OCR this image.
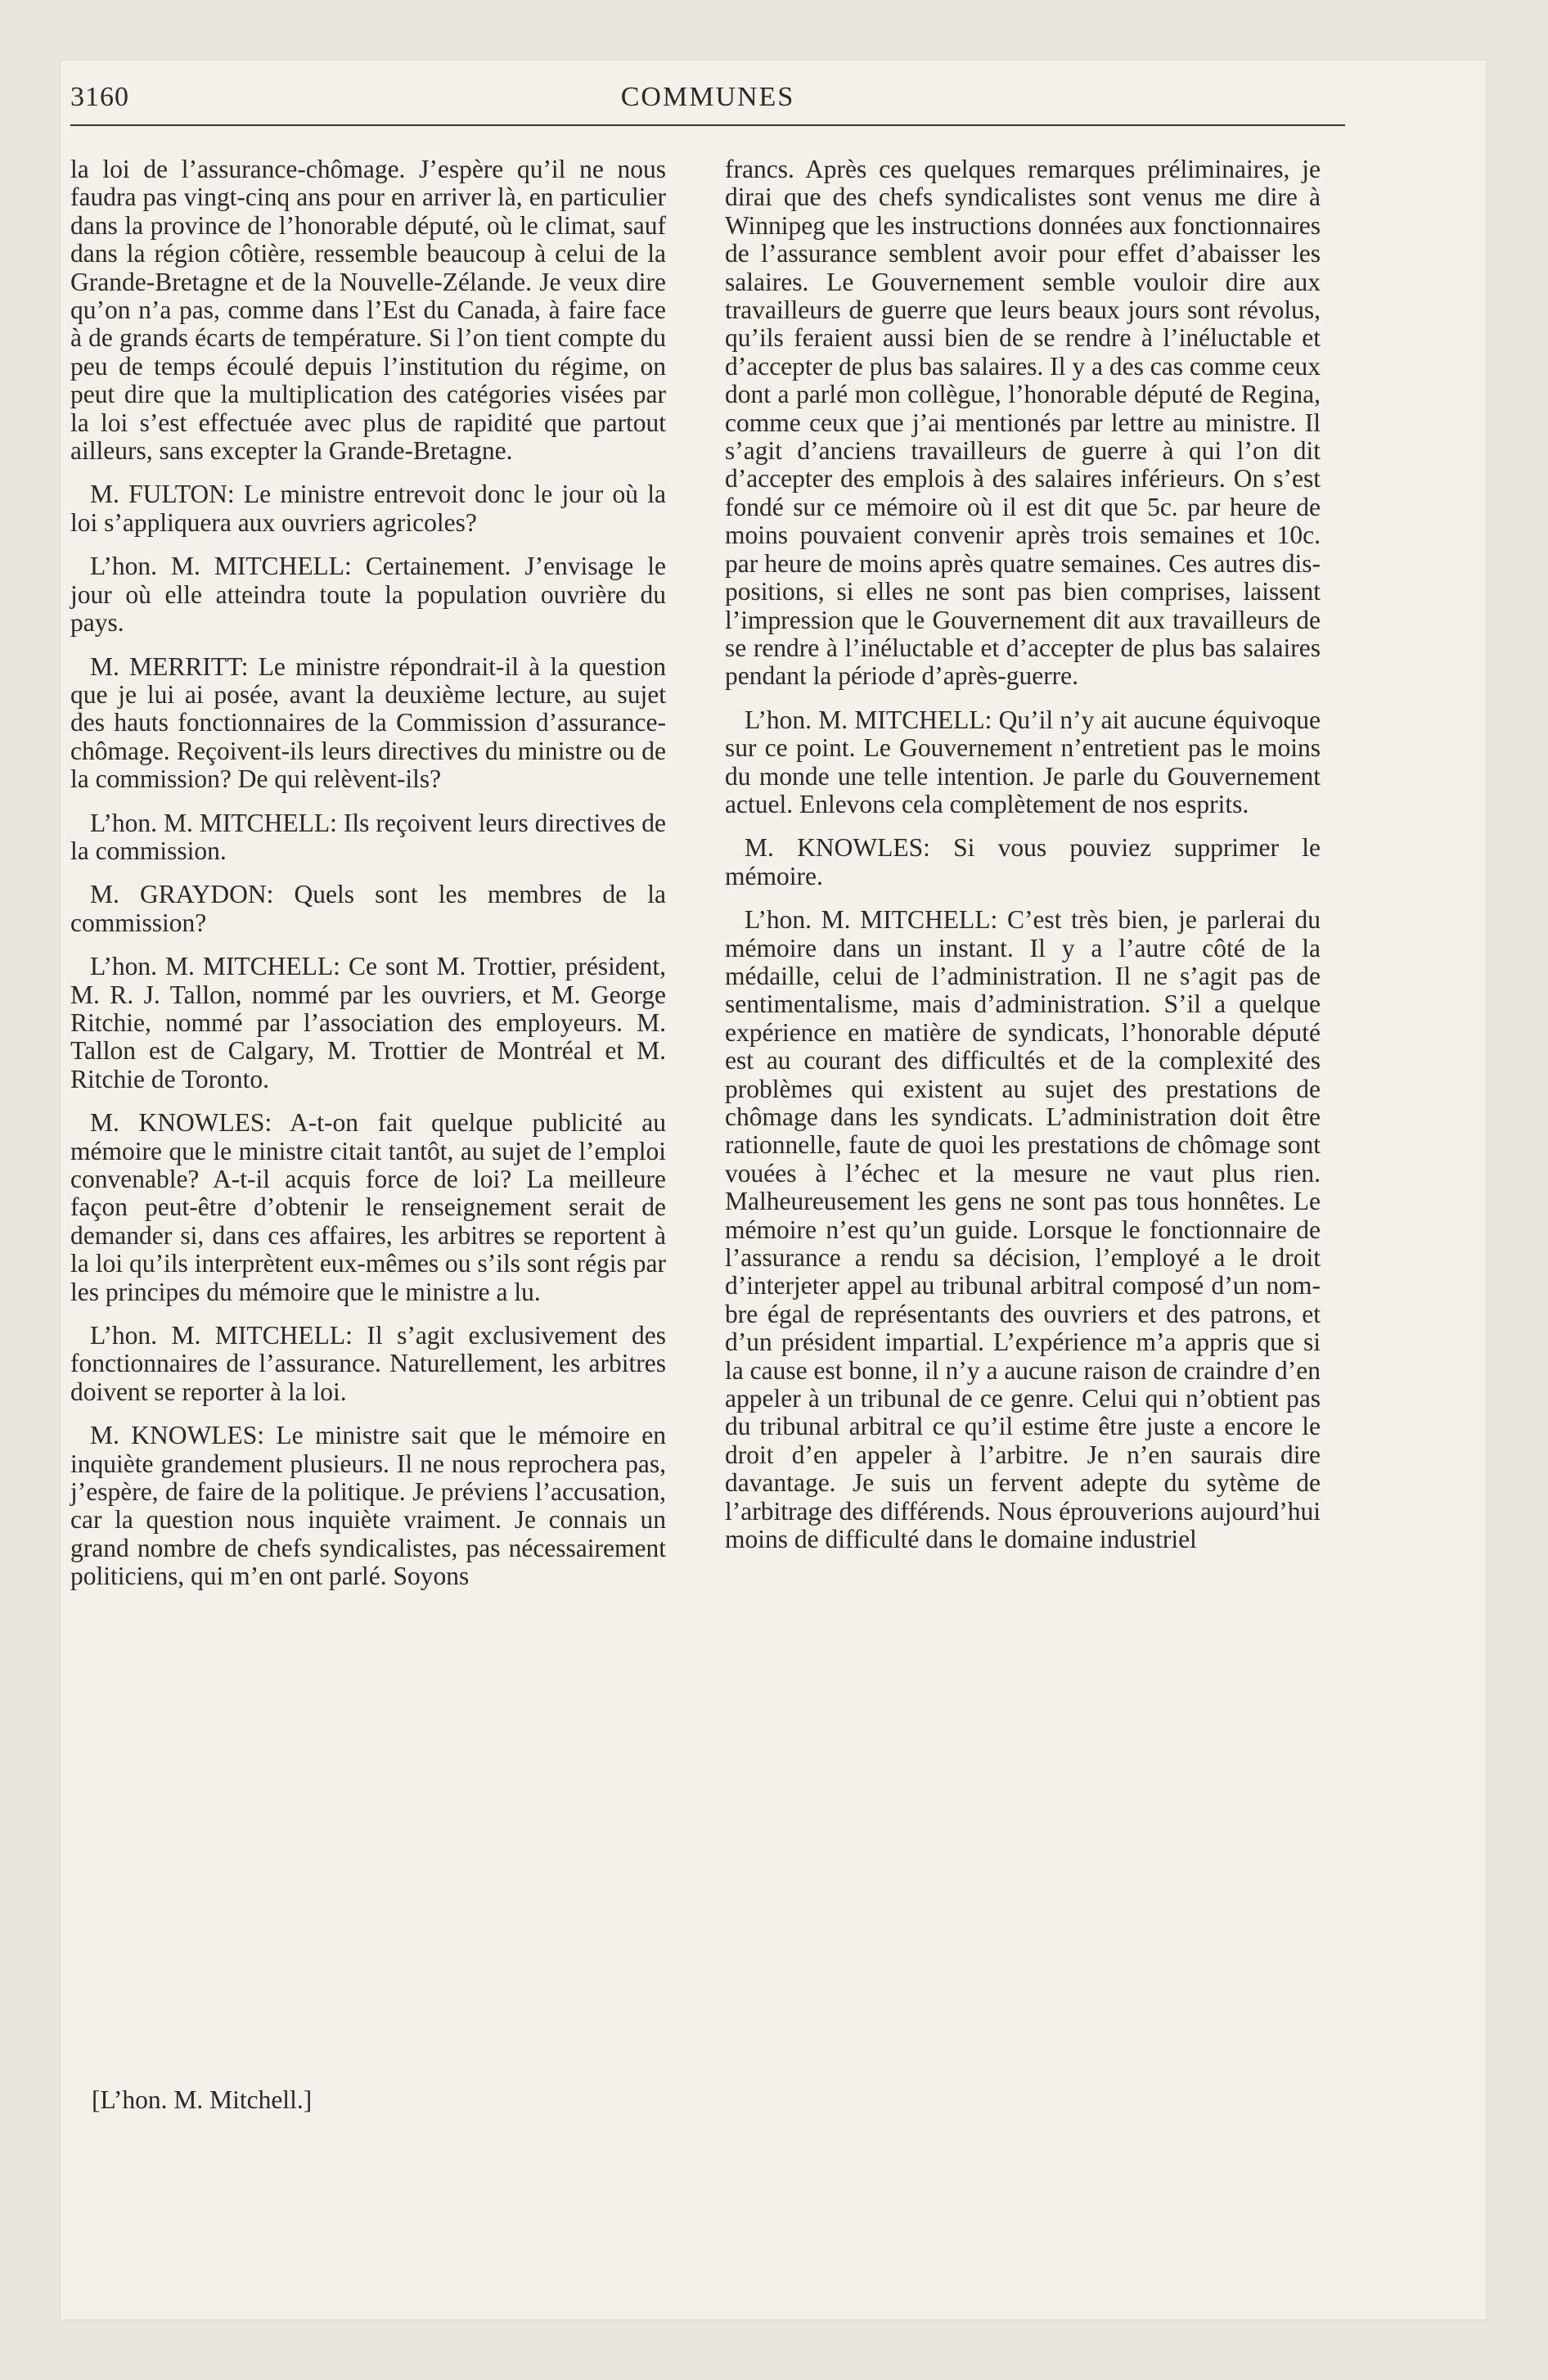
3160	COMMUNES

la loi de l’assurance-chômage. J’espère qu’il ne nous faudra pas vingt-cinq ans pour en arriver là, en particulier dans la province de l’honorable député, où le climat, sauf dans la région côtière, ressemble beaucoup à celui de la Grande-Bretagne et de la Nouvelle-Zélande. Je veux dire qu’on n’a pas, comme dans l’Est du Canada, à faire face à de grands écarts de température. Si l’on tient compte du peu de temps écoulé depuis l’institution du régime, on peut dire que la multiplication des catégories visées par la loi s’est effectuée avec plus de rapidité que partout ailleurs, sans excepter la Grande-Bretagne.

M. FULTON: Le ministre entrevoit donc le jour où la loi s’appliquera aux ouvriers agricoles?

L’hon. M. MITCHELL: Certainement. J’envisage le jour où elle atteindra toute la population ouvrière du pays.

M. MERRITT: Le ministre répondrait-il à la question que je lui ai posée, avant la deuxième lecture, au sujet des hauts fonctionnaires de la Commission d’assurance-chômage. Reçoivent-ils leurs directives du ministre ou de la commission? De qui relèvent-ils?

L’hon. M. MITCHELL: Ils reçoivent leurs directives de la commission.

M. GRAYDON: Quels sont les membres de la commission?

L’hon. M. MITCHELL: Ce sont M. Trottier, président, M. R. J. Tallon, nommé par les ouvriers, et M. George Ritchie, nommé par l’association des employeurs. M. Tallon est de Calgary, M. Trottier de Montréal et M. Ritchie de Toronto.

M. KNOWLES: A-t-on fait quelque publicité au mémoire que le ministre citait tantôt, au sujet de l’emploi convenable? A-t-il acquis force de loi? La meilleure façon peut-être d’obtenir le renseignement serait de demander si, dans ces affaires, les arbitres se reportent à la loi qu’ils interprètent eux-mêmes ou s’ils sont régis par les principes du mémoire que le ministre a lu.

L’hon. M. MITCHELL: Il s’agit exclusivement des fonctionnaires de l’assurance. Naturellement, les arbitres doivent se reporter à la loi.

M. KNOWLES: Le ministre sait que le mémoire en inquiète grandement plusieurs. Il ne nous reprochera pas, j’espère, de faire de la politique. Je préviens l’accusation, car la question nous inquiète vraiment. Je connais un grand nombre de chefs syndicalistes, pas nécessairement politiciens, qui m’en ont parlé. Soyons

francs. Après ces quelques remarques préliminaires, je dirai que des chefs syndicalistes sont venus me dire à Winnipeg que les instructions données aux fonctionnaires de l’assurance semblent avoir pour effet d’abaisser les salaires. Le Gouvernement semble vouloir dire aux travailleurs de guerre que leurs beaux jours sont révolus, qu’ils feraient aussi bien de se rendre à l’inéluctable et d’accepter de plus bas salaires. Il y a des cas comme ceux dont a parlé mon collègue, l’honorable député de Regina, comme ceux que j’ai mentionés par lettre au ministre. Il s’agit d’anciens travailleurs de guerre à qui l’on dit d’accepter des emplois à des salaires inférieurs. On s’est fondé sur ce mémoire où il est dit que 5c. par heure de moins pouvaient convenir après trois semaines et 10c. par heure de moins après quatre semaines. Ces autres dispositions, si elles ne sont pas bien comprises, laissent l’impression que le Gouvernement dit aux travailleurs de se rendre à l’inéluctable et d’accepter de plus bas salaires pendant la période d’après-guerre.

L’hon. M. MITCHELL: Qu’il n’y ait aucune équivoque sur ce point. Le Gouvernement n’entretient pas le moins du monde une telle intention. Je parle du Gouvernement actuel. Enlevons cela complètement de nos esprits.

M. KNOWLES: Si vous pouviez supprimer le mémoire.

L’hon. M. MITCHELL: C’est très bien, je parlerai du mémoire dans un instant. Il y a l’autre côté de la médaille, celui de l’administration. Il ne s’agit pas de sentimentalisme, mais d’administration. S’il a quelque expérience en matière de syndicats, l’honorable député est au courant des difficultés et de la complexité des problèmes qui existent au sujet des prestations de chômage dans les syndicats. L’administration doit être rationnelle, faute de quoi les prestations de chômage sont vouées à l’échec et la mesure ne vaut plus rien. Malheureusement les gens ne sont pas tous honnêtes. Le mémoire n’est qu’un guide. Lorsque le fonctionnaire de l’assurance a rendu sa décision, l’employé a le droit d’interjeter appel au tribunal arbitral composé d’un nombre égal de représentants des ouvriers et des patrons, et d’un président impartial. L’expérience m’a appris que si la cause est bonne, il n’y a aucune raison de craindre d’en appeler à un tribunal de ce genre. Celui qui n’obtient pas du tribunal arbitral ce qu’il estime être juste a encore le droit d’en appeler à l’arbitre. Je n’en saurais dire davantage. Je suis un fervent adepte du sytème de l’arbitrage des différends. Nous éprouverions aujourd’hui moins de difficulté dans le domaine industriel

[L’hon. M. Mitchell.]
